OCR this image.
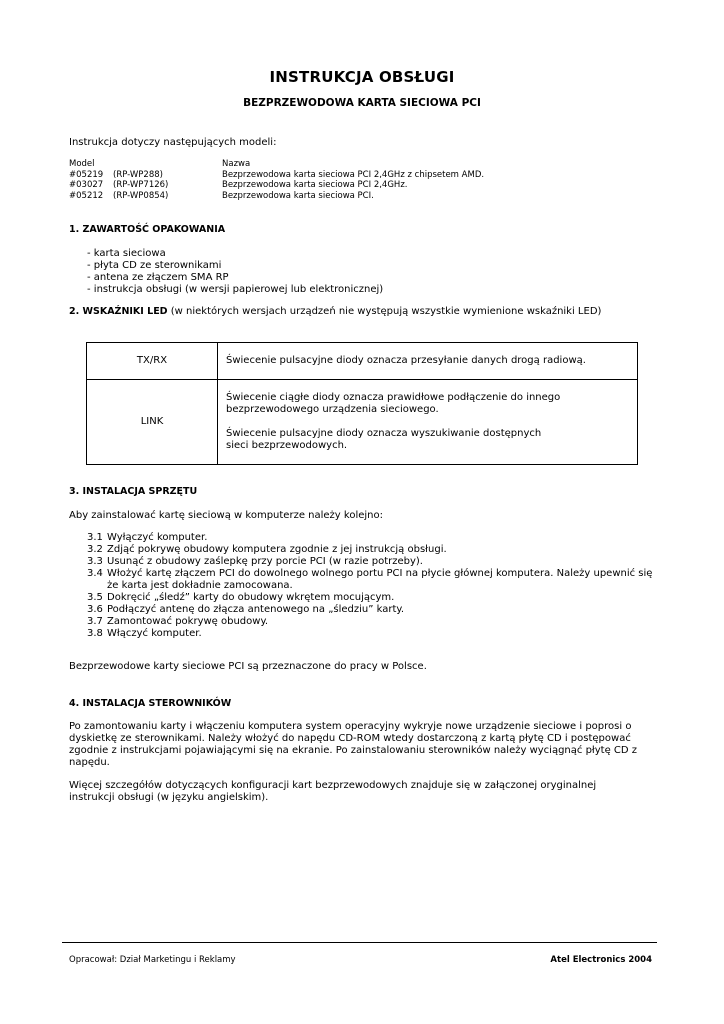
INSTRUKCJA OBSŁUGI
BEZPRZEWODOWA KARTA SIECIOWA PCI
Instrukcja dotyczy następujących modeli:
Model	Nazwa
#05219 (RP-WP288)	Bezprzewodowa karta sieciowa PCI 2,4GHz z chipsetem AMD.
#03027 (RP-WP7126)	Bezprzewodowa karta sieciowa PCI 2,4GHz.
#05212 (RP-WP0854)	Bezprzewodowa karta sieciowa PCI.
1. ZAWARTOŚĆ OPAKOWANIA
- karta sieciowa
- płyta CD ze sterownikami
- antena ze złączem SMA RP
- instrukcja obsługi (w wersji papierowej lub elektronicznej)
2. WSKAŹNIKI LED (w niektórych wersjach urządzeń nie występują wszystkie wymienione wskaźniki LED)
TX/RX	Świecenie pulsacyjne diody oznacza przesyłanie danych drogą radiową.

LINK	Świecenie ciągłe diody oznacza prawidłowe podłączenie do innego bezprzewodowego urządzenia sieciowego.
Świecenie pulsacyjne diody oznacza wyszukiwanie dostępnych sieci bezprzewodowych.
3. INSTALACJA SPRZĘTU
Aby zainstalować kartę sieciową w komputerze należy kolejno:
3.1 Wyłączyć komputer.
3.2 Zdjąć pokrywę obudowy komputera zgodnie z jej instrukcją obsługi.
3.3 Usunąć z obudowy zaślepkę przy porcie PCI (w razie potrzeby).
3.4 Włożyć kartę złączem PCI do dowolnego wolnego portu PCI na płycie głównej komputera. Należy upewnić się że karta jest dokładnie zamocowana.
3.5 Dokręcić „śledź” karty do obudowy wkrętem mocującym.
3.6 Podłączyć antenę do złącza antenowego na „śledziu” karty.
3.7 Zamontować pokrywę obudowy.
3.8 Włączyć komputer.
Bezprzewodowe karty sieciowe PCI są przeznaczone do pracy w Polsce.
4. INSTALACJA STEROWNIKÓW
Po zamontowaniu karty i włączeniu komputera system operacyjny wykryje nowe urządzenie sieciowe i poprosi o dyskietkę ze sterownikami. Należy włożyć do napędu CD-ROM wtedy dostarczoną z kartą płytę CD i postępować zgodnie z instrukcjami pojawiającymi się na ekranie. Po zainstalowaniu sterowników należy wyciągnąć płytę CD z napędu.
Więcej szczegółów dotyczących konfiguracji kart bezprzewodowych znajduje się w załączonej oryginalnej instrukcji obsługi (w języku angielskim).
Opracował: Dział Marketingu i Reklamy	Atel Electronics 2004
